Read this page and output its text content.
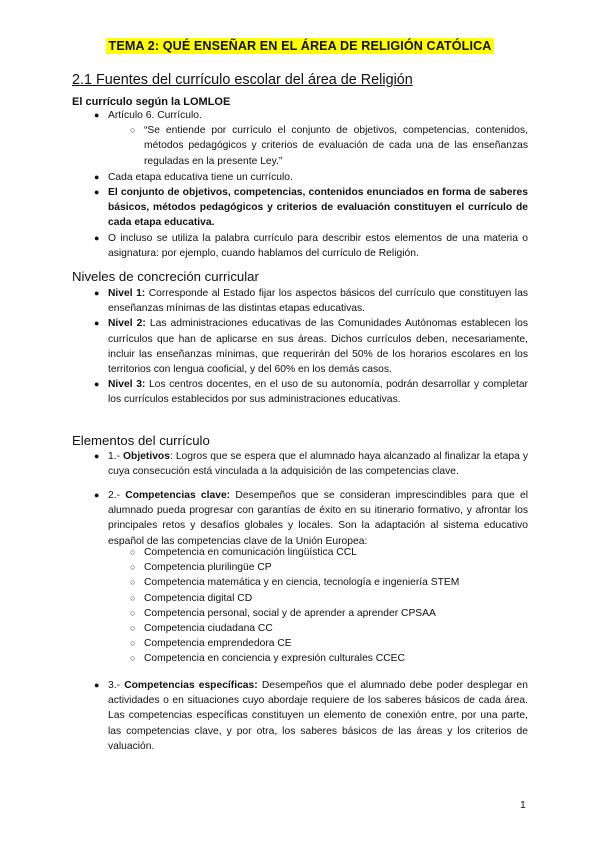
TEMA 2: QUÉ ENSEÑAR EN EL ÁREA DE RELIGIÓN CATÓLICA
2.1 Fuentes del currículo escolar del área de Religión
El currículo según la LOMLOE
● Artículo 6. Currículo.
○ “Se entiende por currículo el conjunto de objetivos, competencias, contenidos, métodos pedagógicos y criterios de evaluación de cada una de las enseñanzas reguladas en la presente Ley.”
● Cada etapa educativa tiene un currículo.
● El conjunto de objetivos, competencias, contenidos enunciados en forma de saberes básicos, métodos pedagógicos y criterios de evaluación constituyen el currículo de cada etapa educativa.
● O incluso se utiliza la palabra currículo para describir estos elementos de una materia o asignatura: por ejemplo, cuando hablamos del currículo de Religión.
Niveles de concreción curricular
● Nivel 1: Corresponde al Estado fijar los aspectos básicos del currículo que constituyen las enseñanzas mínimas de las distintas etapas educativas.
● Nivel 2: Las administraciones educativas de las Comunidades Autónomas establecen los currículos que han de aplicarse en sus áreas. Dichos currículos deben, necesariamente, incluir las enseñanzas mínimas, que requerirán del 50% de los horarios escolares en los territorios con lengua cooficial, y del 60% en los demás casos.
● Nivel 3: Los centros docentes, en el uso de su autonomía, podrán desarrollar y completar los currículos establecidos por sus administraciones educativas.
Elementos del currículo
● 1.- Objetivos: Logros que se espera que el alumnado haya alcanzado al finalizar la etapa y cuya consecución está vinculada a la adquisición de las competencias clave.
● 2.- Competencias clave: Desempeños que se consideran imprescindibles para que el alumnado pueda progresar con garantías de éxito en su itinerario formativo, y afrontar los principales retos y desafíos globales y locales. Son la adaptación al sistema educativo español de las competencias clave de la Unión Europea:
○ Competencia en comunicación lingüística CCL
○ Competencia plurilingüe CP
○ Competencia matemática y en ciencia, tecnología e ingeniería STEM
○ Competencia digital CD
○ Competencia personal, social y de aprender a aprender CPSAA
○ Competencia ciudadana CC
○ Competencia emprendedora CE
○ Competencia en conciencia y expresión culturales CCEC
● 3.- Competencias específicas: Desempeños que el alumnado debe poder desplegar en actividades o en situaciones cuyo abordaje requiere de los saberes básicos de cada área. Las competencias específicas constituyen un elemento de conexión entre, por una parte, las competencias clave, y por otra, los saberes básicos de las áreas y los criterios de valuación.
1
